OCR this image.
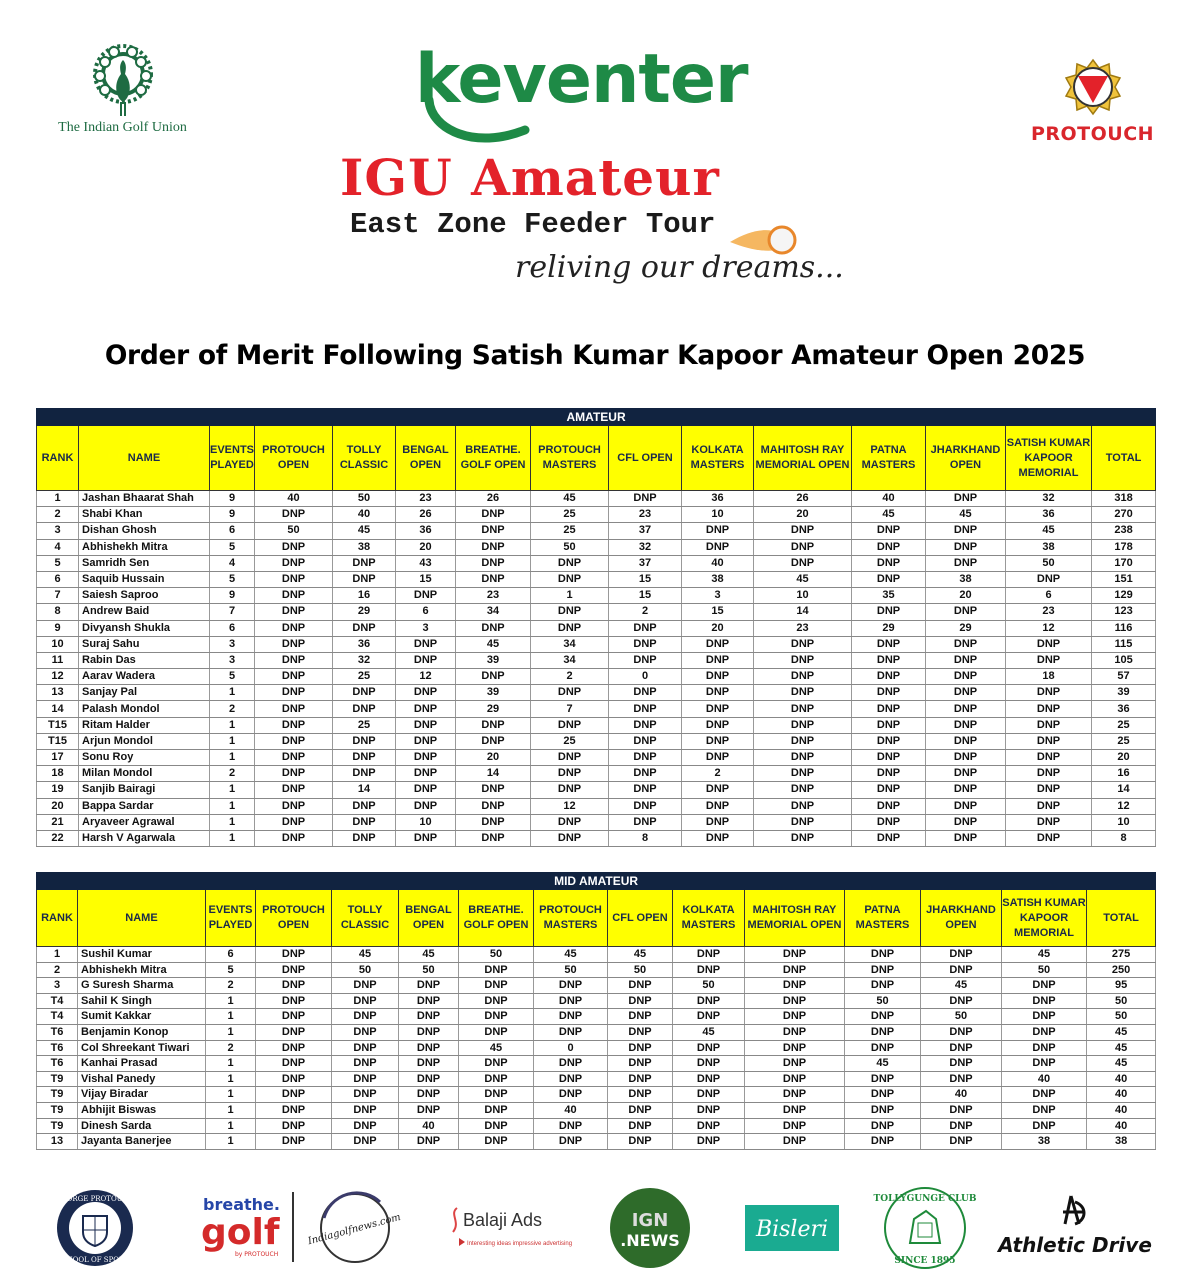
The Indian Golf Union
keventer
IGU Amateur
East Zone Feeder Tour
reliving our dreams...
PROTOUCH
Order of Merit Following Satish Kumar Kapoor Amateur Open 2025
AMATEUR														
RANK	NAME	EVENTS PLAYED	PROTOUCH OPEN	TOLLY CLASSIC	BENGAL OPEN	BREATHE. GOLF OPEN	PROTOUCH MASTERS	CFL OPEN	KOLKATA MASTERS	MAHITOSH RAY MEMORIAL OPEN	PATNA MASTERS	JHARKHAND OPEN	SATISH KUMAR KAPOOR MEMORIAL	TOTAL
1	Jashan Bhaarat Shah	9	40	50	23	26	45	DNP	36	26	40	DNP	32	318
2	Shabi Khan	9	DNP	40	26	DNP	25	23	10	20	45	45	36	270
3	Dishan Ghosh	6	50	45	36	DNP	25	37	DNP	DNP	DNP	DNP	45	238
4	Abhishekh Mitra	5	DNP	38	20	DNP	50	32	DNP	DNP	DNP	DNP	38	178
5	Samridh Sen	4	DNP	DNP	43	DNP	DNP	37	40	DNP	DNP	DNP	50	170
6	Saquib Hussain	5	DNP	DNP	15	DNP	DNP	15	38	45	DNP	38	DNP	151
7	Saiesh Saproo	9	DNP	16	DNP	23	1	15	3	10	35	20	6	129
8	Andrew Baid	7	DNP	29	6	34	DNP	2	15	14	DNP	DNP	23	123
9	Divyansh Shukla	6	DNP	DNP	3	DNP	DNP	DNP	20	23	29	29	12	116
10	Suraj Sahu	3	DNP	36	DNP	45	34	DNP	DNP	DNP	DNP	DNP	DNP	115
11	Rabin Das	3	DNP	32	DNP	39	34	DNP	DNP	DNP	DNP	DNP	DNP	105
12	Aarav Wadera	5	DNP	25	12	DNP	2	0	DNP	DNP	DNP	DNP	18	57
13	Sanjay Pal	1	DNP	DNP	DNP	39	DNP	DNP	DNP	DNP	DNP	DNP	DNP	39
14	Palash Mondol	2	DNP	DNP	DNP	29	7	DNP	DNP	DNP	DNP	DNP	DNP	36
T15	Ritam Halder	1	DNP	25	DNP	DNP	DNP	DNP	DNP	DNP	DNP	DNP	DNP	25
T15	Arjun Mondol	1	DNP	DNP	DNP	DNP	25	DNP	DNP	DNP	DNP	DNP	DNP	25
17	Sonu Roy	1	DNP	DNP	DNP	20	DNP	DNP	DNP	DNP	DNP	DNP	DNP	20
18	Milan Mondol	2	DNP	DNP	DNP	14	DNP	DNP	2	DNP	DNP	DNP	DNP	16
19	Sanjib Bairagi	1	DNP	14	DNP	DNP	DNP	DNP	DNP	DNP	DNP	DNP	DNP	14
20	Bappa Sardar	1	DNP	DNP	DNP	DNP	12	DNP	DNP	DNP	DNP	DNP	DNP	12
21	Aryaveer Agrawal	1	DNP	DNP	10	DNP	DNP	DNP	DNP	DNP	DNP	DNP	DNP	10
22	Harsh V Agarwala	1	DNP	DNP	DNP	DNP	DNP	8	DNP	DNP	DNP	DNP	DNP	8
MID AMATEUR														
RANK	NAME	EVENTS PLAYED	PROTOUCH OPEN	TOLLY CLASSIC	BENGAL OPEN	BREATHE. GOLF OPEN	PROTOUCH MASTERS	CFL OPEN	KOLKATA MASTERS	MAHITOSH RAY MEMORIAL OPEN	PATNA MASTERS	JHARKHAND OPEN	SATISH KUMAR KAPOOR MEMORIAL	TOTAL
1	Sushil Kumar	6	DNP	45	45	50	45	45	DNP	DNP	DNP	DNP	45	275
2	Abhishekh Mitra	5	DNP	50	50	DNP	50	50	DNP	DNP	DNP	DNP	50	250
3	G Suresh Sharma	2	DNP	DNP	DNP	DNP	DNP	DNP	50	DNP	DNP	45	DNP	95
T4	Sahil K Singh	1	DNP	DNP	DNP	DNP	DNP	DNP	DNP	DNP	50	DNP	DNP	50
T4	Sumit Kakkar	1	DNP	DNP	DNP	DNP	DNP	DNP	DNP	DNP	DNP	50	DNP	50
T6	Benjamin Konop	1	DNP	DNP	DNP	DNP	DNP	DNP	45	DNP	DNP	DNP	DNP	45
T6	Col Shreekant Tiwari	2	DNP	DNP	DNP	45	0	DNP	DNP	DNP	DNP	DNP	DNP	45
T6	Kanhai Prasad	1	DNP	DNP	DNP	DNP	DNP	DNP	DNP	DNP	45	DNP	DNP	45
T9	Vishal Panedy	1	DNP	DNP	DNP	DNP	DNP	DNP	DNP	DNP	DNP	DNP	40	40
T9	Vijay Biradar	1	DNP	DNP	DNP	DNP	DNP	DNP	DNP	DNP	DNP	40	DNP	40
T9	Abhijit Biswas	1	DNP	DNP	DNP	DNP	40	DNP	DNP	DNP	DNP	DNP	DNP	40
T9	Dinesh Sarda	1	DNP	DNP	40	DNP	DNP	DNP	DNP	DNP	DNP	DNP	DNP	40
13	Jayanta Banerjee	1	DNP	DNP	DNP	DNP	DNP	DNP	DNP	DNP	DNP	DNP	38	38
GEORGE PROTOUCH
SCHOOL OF SPORTS
breathe.
golf
by PROTOUCH
Indiagolfnews.com	Balaji Ads
Interesting ideas impressive advertising
IGN
.NEWS	Bisleri
TOLLYGUNGE CLUB
SINCE 1895
Athletic Drive
